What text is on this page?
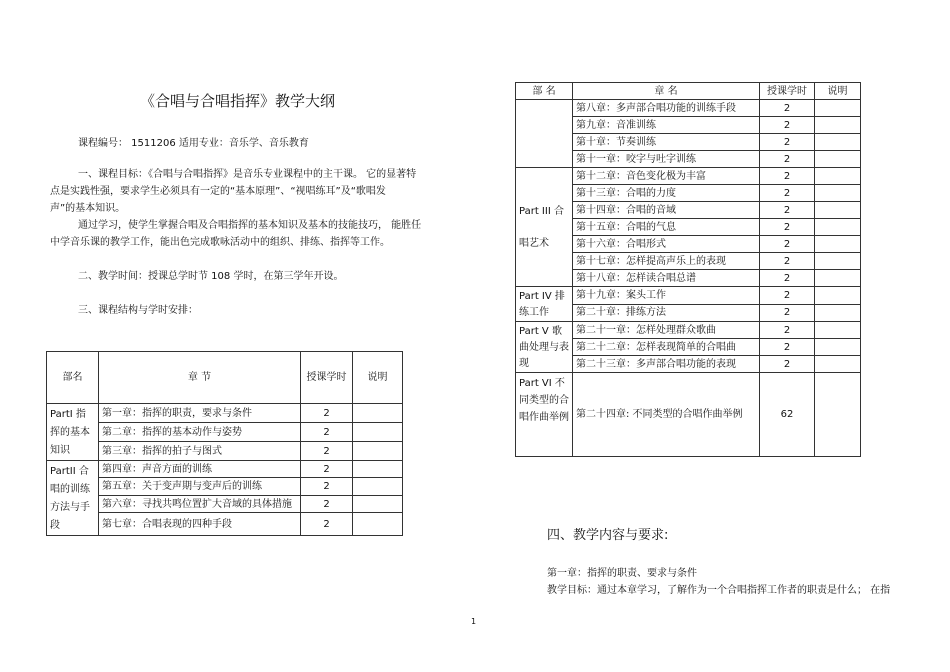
《合唱与合唱指挥》教学大纲
课程编号： 1511206 适用专业：音乐学、音乐教育
一、课程目标：《合唱与合唱指挥》是音乐专业课程中的主干课。 它的显著特
点是实践性强，要求学生必须具有一定的“基本原理”、“视唱练耳”及“歌唱发
声”的基本知识。
通过学习，使学生掌握合唱及合唱指挥的基本知识及基本的技能技巧， 能胜任
中学音乐课的教学工作，能出色完成歌咏活动中的组织、排练、指挥等工作。
二、教学时间：授课总学时节 108 学时，在第三学年开设。
三、课程结构与学时安排：
部名	章 节	授课学时	说明
PartI 指挥的基本知识	第一章：指挥的职责，要求与条件	2	
	第二章：指挥的基本动作与姿势	2	
	第三章：指挥的拍子与图式	2	
PartII 合唱的训练方法与手段	第四章：声音方面的训练	2	
	第五章：关于变声期与变声后的训练	2	
	第六章：寻找共鸣位置扩大音域的具体措施	2	
	第七章：合唱表现的四种手段	2	
部 名	章 名	授课学时	说明
	第八章：多声部合唱功能的训练手段	2	
	第九章：音准训练	2	
	第十章：节奏训练	2	
	第十一章：咬字与吐字训练	2	
Part III 合唱艺术	第十二章：音色变化极为丰富	2	
	第十三章：合唱的力度	2	
	第十四章：合唱的音域	2	
	第十五章：合唱的气息	2	
	第十六章：合唱形式	2	
	第十七章：怎样提高声乐上的表现	2	
	第十八章：怎样读合唱总谱	2	
Part IV 排练工作	第十九章：案头工作	2	
	第二十章：排练方法	2	
Part V 歌曲处理与表现	第二十一章：怎样处理群众歌曲	2	
	第二十二章：怎样表现简单的合唱曲	2	
	第二十三章：多声部合唱功能的表现	2	
Part VI 不同类型的合唱作曲举例	第二十四章: 不同类型的合唱作曲举例	62	
四、教学内容与要求:
第一章：指挥的职责、要求与条件
教学目标：通过本章学习，了解作为一个合唱指挥工作者的职责是什么； 在指
1
